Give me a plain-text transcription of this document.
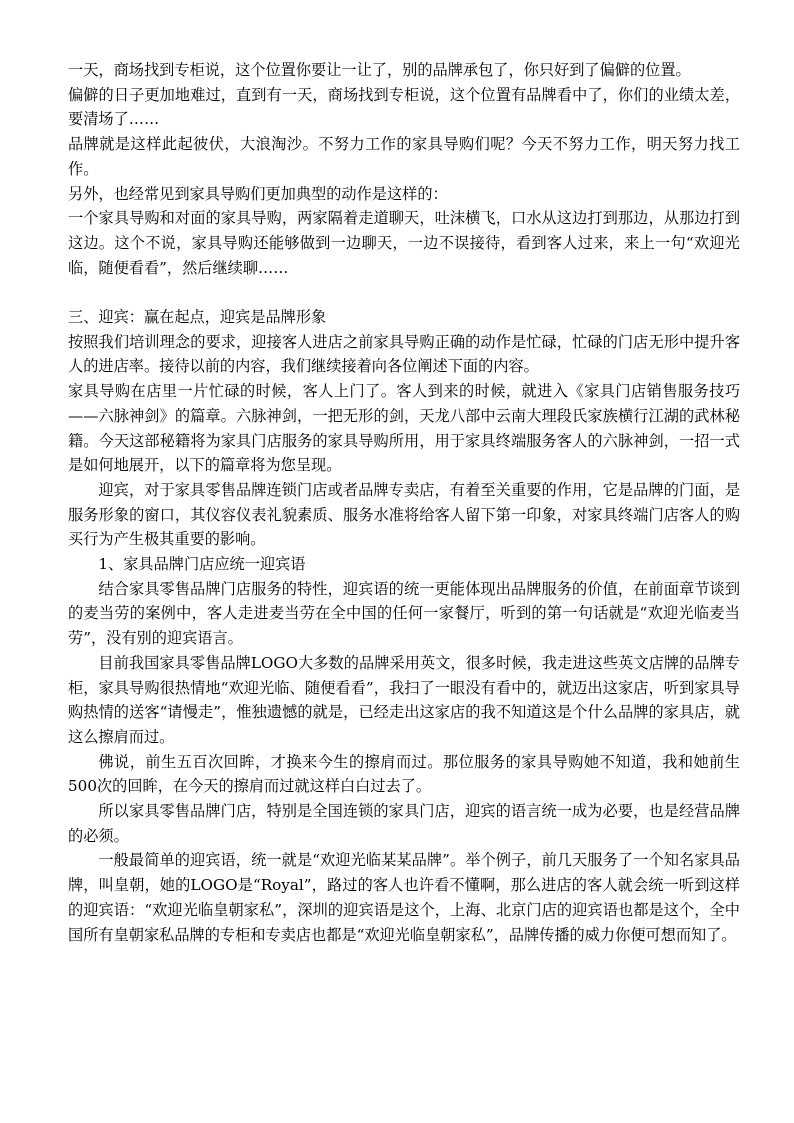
一天，商场找到专柜说，这个位置你要让一让了，别的品牌承包了，你只好到了偏僻的位置。

偏僻的日子更加地难过，直到有一天，商场找到专柜说，这个位置有品牌看中了，你们的业绩太差，要清场了……

品牌就是这样此起彼伏，大浪淘沙。不努力工作的家具导购们呢？今天不努力工作，明天努力找工作。

另外，也经常见到家具导购们更加典型的动作是这样的：

一个家具导购和对面的家具导购，两家隔着走道聊天，吐沫横飞，口水从这边打到那边，从那边打到这边。这个不说，家具导购还能够做到一边聊天，一边不误接待，看到客人过来，来上一句“欢迎光临，随便看看”，然后继续聊……

三、迎宾：赢在起点，迎宾是品牌形象

按照我们培训理念的要求，迎接客人进店之前家具导购正确的动作是忙碌，忙碌的门店无形中提升客人的进店率。接待以前的内容，我们继续接着向各位阐述下面的内容。

家具导购在店里一片忙碌的时候，客人上门了。客人到来的时候，就进入《家具门店销售服务技巧——六脉神剑》的篇章。六脉神剑，一把无形的剑，天龙八部中云南大理段氏家族横行江湖的武林秘籍。今天这部秘籍将为家具门店服务的家具导购所用，用于家具终端服务客人的六脉神剑，一招一式是如何地展开，以下的篇章将为您呈现。

迎宾，对于家具零售品牌连锁门店或者品牌专卖店，有着至关重要的作用，它是品牌的门面，是服务形象的窗口，其仪容仪表礼貌素质、服务水准将给客人留下第一印象，对家具终端门店客人的购买行为产生极其重要的影响。

1、家具品牌门店应统一迎宾语

结合家具零售品牌门店服务的特性，迎宾语的统一更能体现出品牌服务的价值，在前面章节谈到的麦当劳的案例中，客人走进麦当劳在全中国的任何一家餐厅，听到的第一句话就是“欢迎光临麦当劳”，没有别的迎宾语言。

目前我国家具零售品牌LOGO大多数的品牌采用英文，很多时候，我走进这些英文店牌的品牌专柜，家具导购很热情地“欢迎光临、随便看看”，我扫了一眼没有看中的，就迈出这家店，听到家具导购热情的送客“请慢走”，惟独遗憾的就是，已经走出这家店的我不知道这是个什么品牌的家具店，就这么擦肩而过。

佛说，前生五百次回眸，才换来今生的擦肩而过。那位服务的家具导购她不知道，我和她前生500次的回眸，在今天的擦肩而过就这样白白过去了。

所以家具零售品牌门店，特别是全国连锁的家具门店，迎宾的语言统一成为必要，也是经营品牌的必须。

一般最简单的迎宾语，统一就是“欢迎光临某某品牌”。举个例子，前几天服务了一个知名家具品牌，叫皇朝，她的LOGO是“Royal”，路过的客人也许看不懂啊，那么进店的客人就会统一听到这样的迎宾语：“欢迎光临皇朝家私”，深圳的迎宾语是这个，上海、北京门店的迎宾语也都是这个，全中国所有皇朝家私品牌的专柜和专卖店也都是“欢迎光临皇朝家私”，品牌传播的威力你便可想而知了。
